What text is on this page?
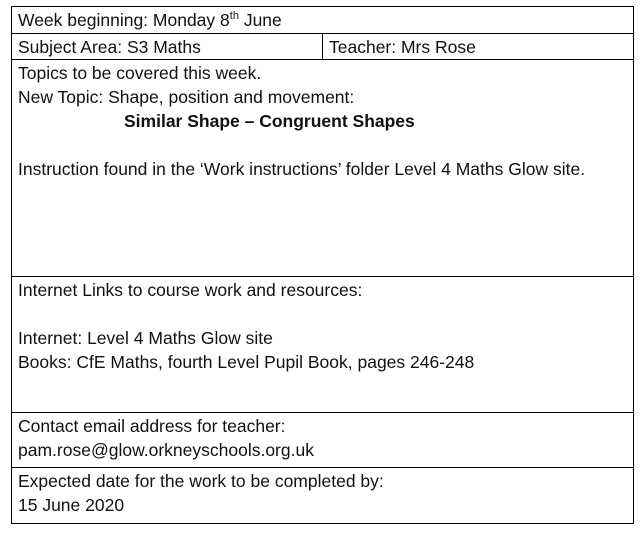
Week beginning: Monday 8th June

Subject Area: S3 Maths	Teacher: Mrs Rose

Topics to be covered this week.
New Topic: Shape, position and movement:
Similar Shape – Congruent Shapes
Instruction found in the ‘Work instructions’ folder Level 4 Maths Glow site.

Internet Links to course work and resources:
Internet: Level 4 Maths Glow site
Books: CfE Maths, fourth Level Pupil Book, pages 246-248

Contact email address for teacher:
pam.rose@glow.orkneyschools.org.uk

Expected date for the work to be completed by:
15 June 2020
